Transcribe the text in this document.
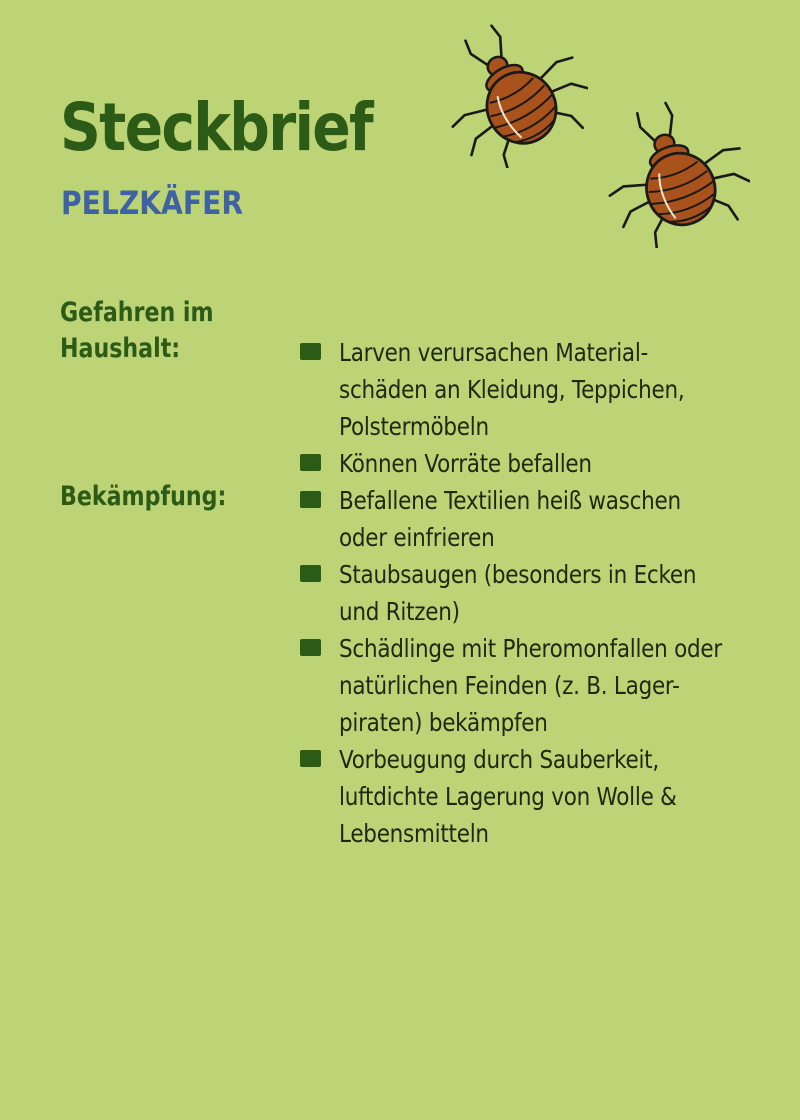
Steckbrief
PELZKÄFER
Gefahren im
Haushalt:
Bekämpfung:
Larven verursachen Material-
schäden an Kleidung, Teppichen,
Polstermöbeln
Können Vorräte befallen
Befallene Textilien heiß waschen
oder einfrieren
Staubsaugen (besonders in Ecken
und Ritzen)
Schädlinge mit Pheromonfallen oder
natürlichen Feinden (z. B. Lager-
piraten) bekämpfen
Vorbeugung durch Sauberkeit,
luftdichte Lagerung von Wolle &
Lebensmitteln
